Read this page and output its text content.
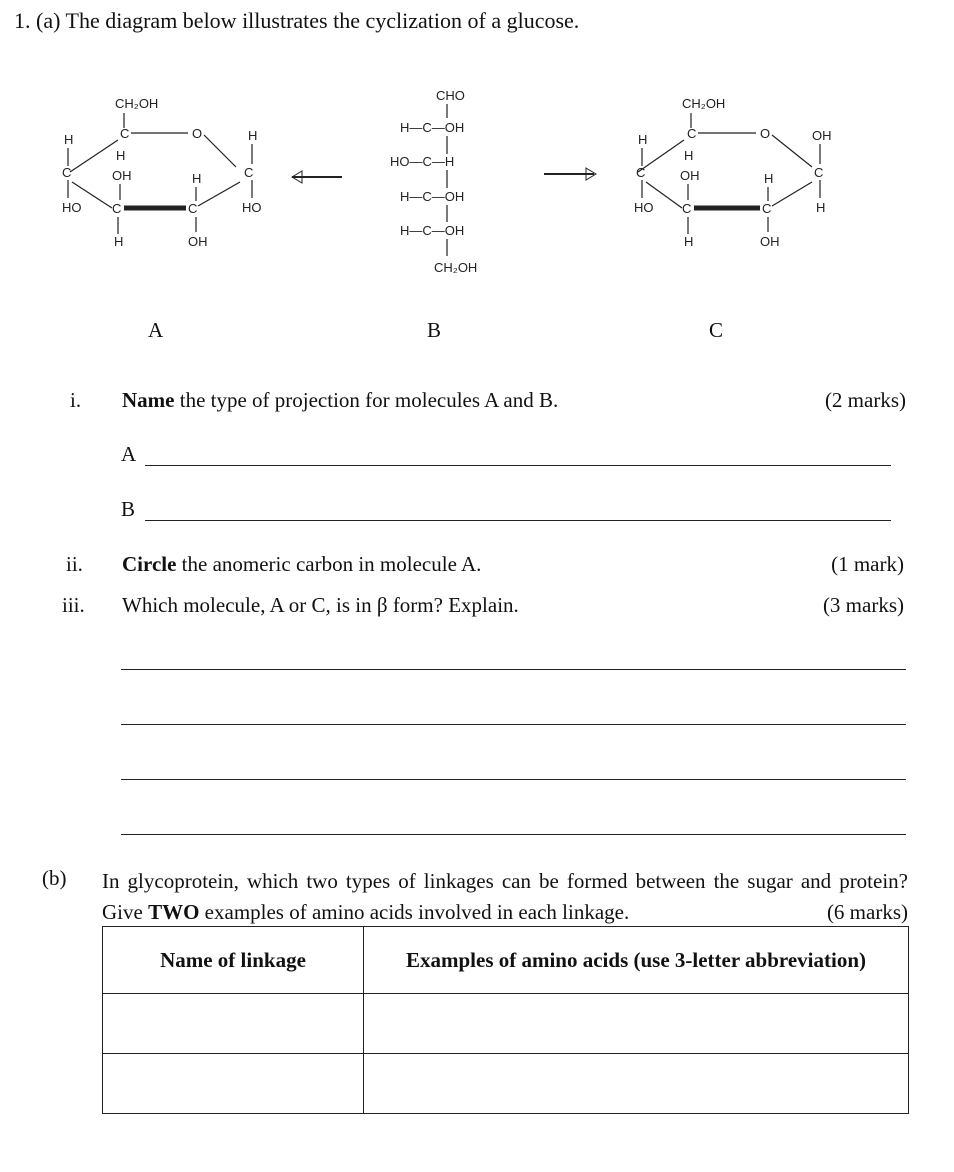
1. (a) The diagram below illustrates the cyclization of a glucose.
CH₂OH
C	O	H
C
HO
H
C
HO
H
OH
C	C
H
H	OH
CHO
H—C—OH
HO—C—H
H—C—OH
H—C—OH
CH₂OH
CH₂OH
C	O	OH
C
H
H
C
HO
H
OH
C	C
H
H	OH
A	B	C
i. Name the type of projection for molecules A and B.	(2 marks)
A
B
ii. Circle the anomeric carbon in molecule A.	(1 mark)
iii. Which molecule, A or C, is in β form? Explain.	(3 marks)
(b) In glycoprotein, which two types of linkages can be formed between the sugar and protein? Give TWO examples of amino acids involved in each linkage.	(6 marks)
Name of linkage	Examples of amino acids (use 3-letter abbreviation)
